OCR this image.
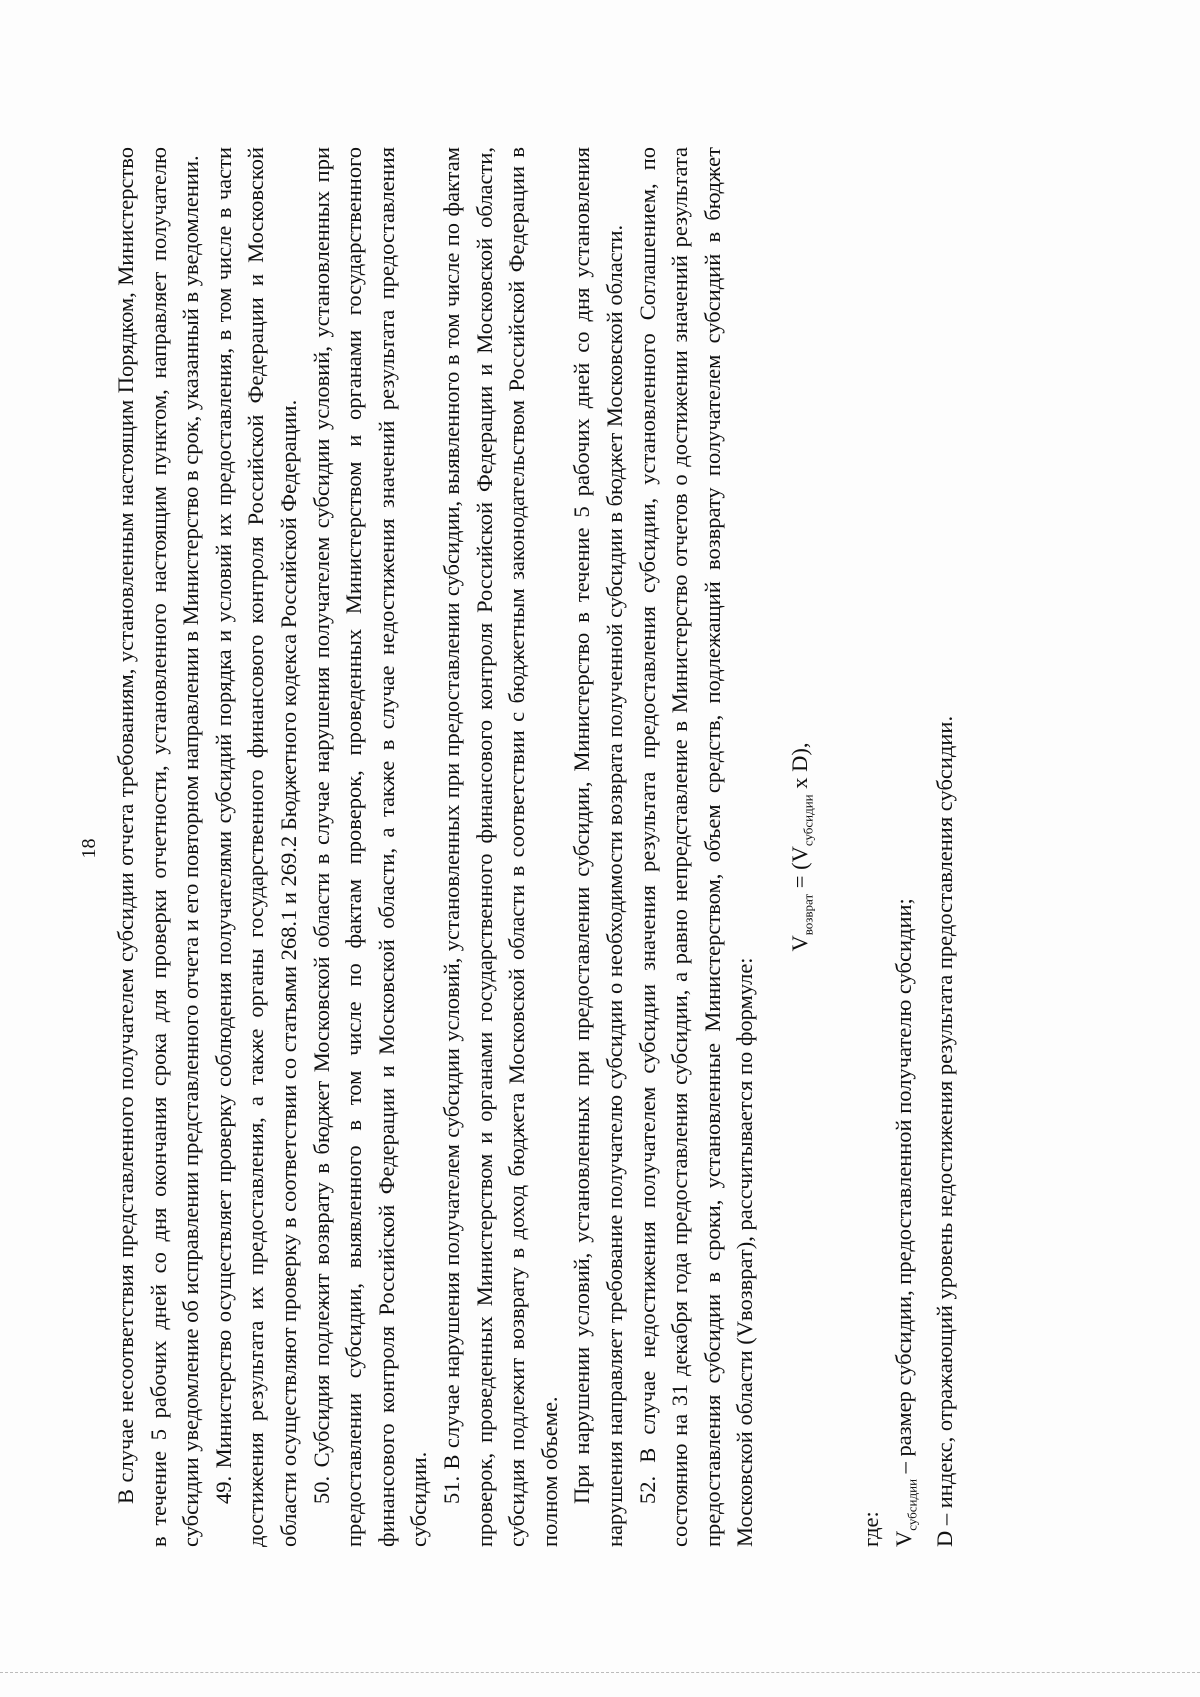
18 В случае несоответствия представленного получателем субсидии отчета требованиям, установленным настоящим Порядком, Министерство в течение 5 рабочих дней со дня окончания срока для проверки отчетности, установленного настоящим пунктом, направляет получателю субсидии уведомление об исправлении представленного отчета и его повторном направлении в Министерство в срок, указанный в уведомлении. 49. Министерство осуществляет проверку соблюдения получателями субсидий порядка и условий их предоставления, в том числе в части достижения результата их предоставления, а также органы государственного финансового контроля Российской Федерации и Московской области осуществляют проверку в соответствии со статьями 268.1 и 269.2 Бюджетного кодекса Российской Федерации. 50. Субсидия подлежит возврату в бюджет Московской области в случае нарушения получателем субсидии условий, установленных при предоставлении субсидии, выявленного в том числе по фактам проверок, проведенных Министерством и органами государственного финансового контроля Российской Федерации и Московской области, а также в случае недостижения значений результата предоставления субсидии. 51. В случае нарушения получателем субсидии условий, установленных при предоставлении субсидии, выявленного в том числе по фактам проверок, проведенных Министерством и органами государственного финансового контроля Российской Федерации и Московской области, субсидия подлежит возврату в доход бюджета Московской области в соответствии с бюджетным законодательством Российской Федерации в полном объеме. При нарушении условий, установленных при предоставлении субсидии, Министерство в течение 5 рабочих дней со дня установления нарушения направляет требование получателю субсидии о необходимости возврата полученной субсидии в бюджет Московской области. 52. В случае недостижения получателем субсидии значения результата предоставления субсидии, установленного Соглашением, по состоянию на 31 декабря года предоставления субсидии, а равно непредставление в Министерство отчетов о достижении значений результата предоставления субсидии в сроки, установленные Министерством, объем средств, подлежащий возврату получателем субсидий в бюджет Московской области (Vвозврат), рассчитывается по формуле:

$V_{возврат} = (V_{субсидии}$ x D),

где: $V_{субсидии}$ – размер субсидии, предоставленной получателю субсидии;

D – индекс, отражающий уровень недостижения результата предоставления субсидии.
